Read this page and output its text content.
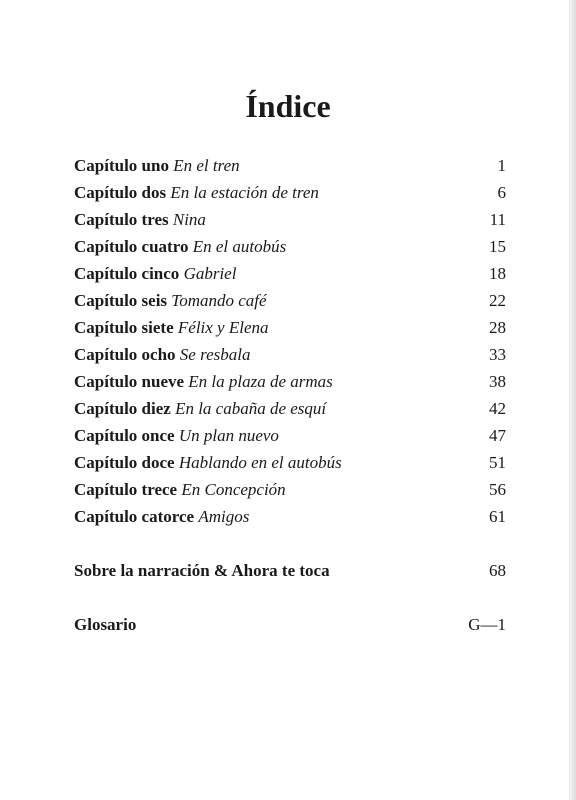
Índice
Capítulo uno En el tren	1
Capítulo dos En la estación de tren	6
Capítulo tres Nina	11
Capítulo cuatro En el autobús	15
Capítulo cinco Gabriel	18
Capítulo seis Tomando café	22
Capítulo siete Félix y Elena	28
Capítulo ocho Se resbala	33
Capítulo nueve En la plaza de armas	38
Capítulo diez En la cabaña de esquí	42
Capítulo once Un plan nuevo	47
Capítulo doce Hablando en el autobús	51
Capítulo trece En Concepción	56
Capítulo catorce Amigos	61
Sobre la narración & Ahora te toca	68
Glosario	G—1
